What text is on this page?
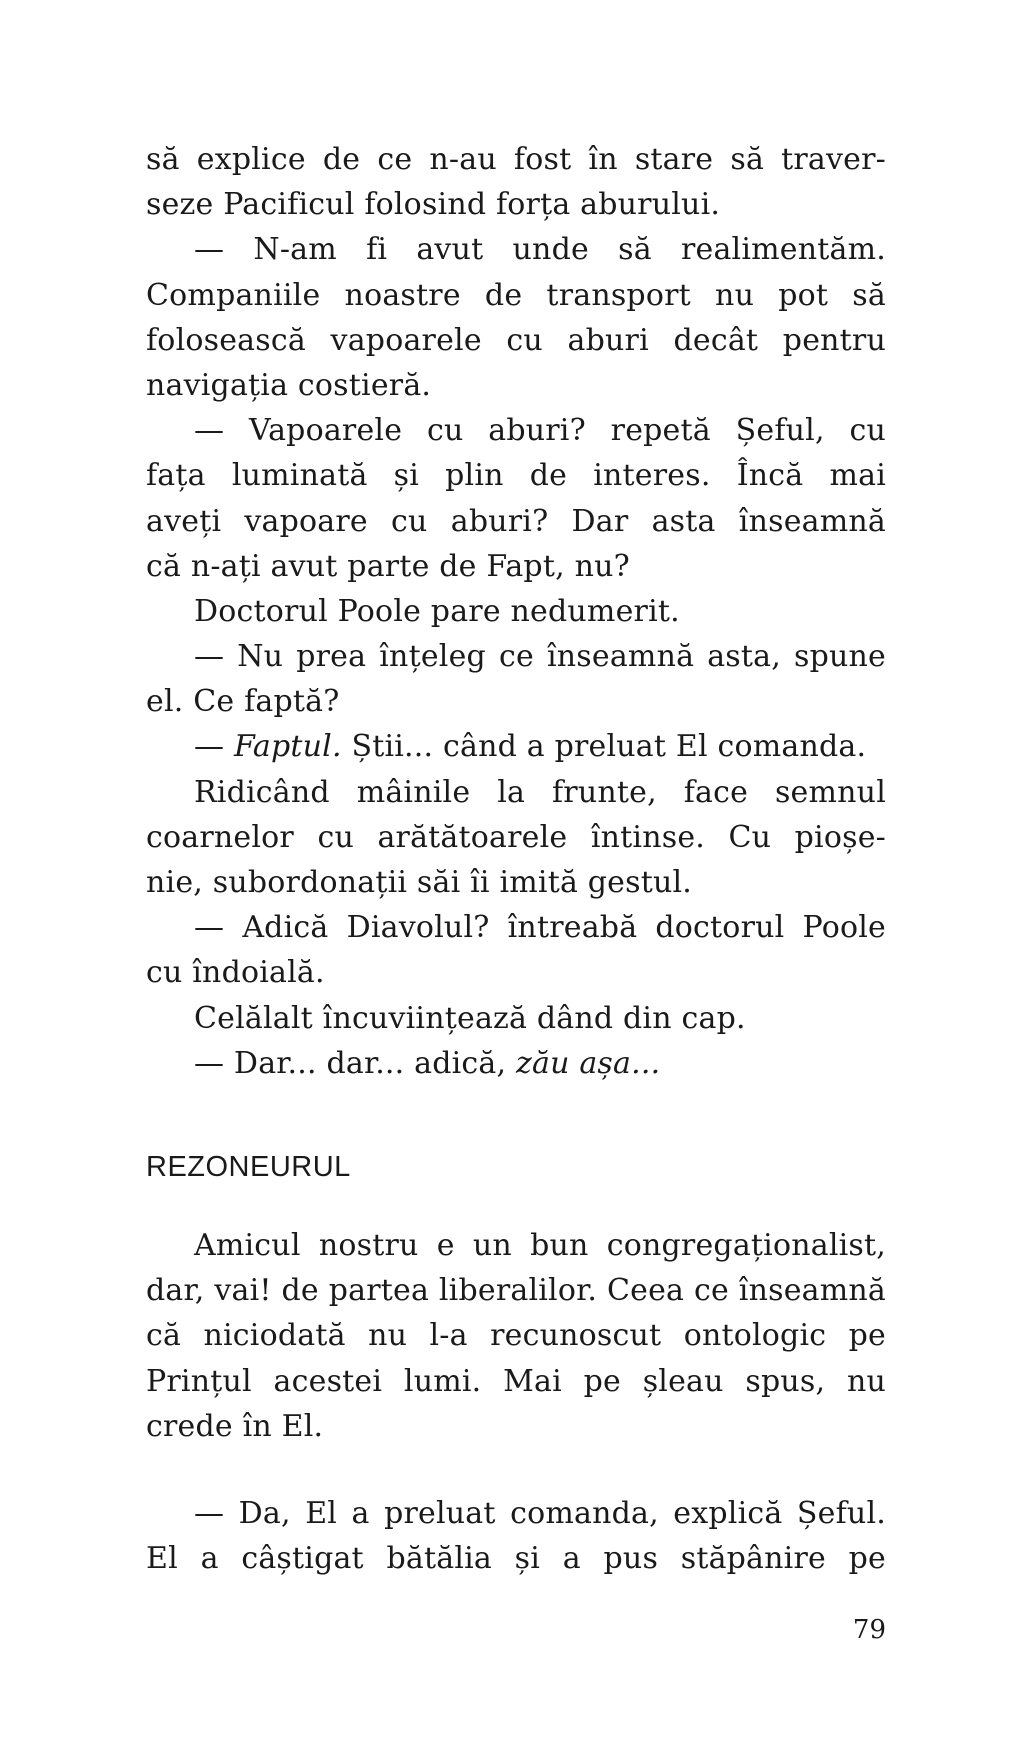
să explice de ce n-au fost în stare să traver-
seze Pacificul folosind forța aburului.
— N-am fi avut unde să realimentăm.
Companiile noastre de transport nu pot să
folosească vapoarele cu aburi decât pentru
navigația costieră.
— Vapoarele cu aburi? repetă Șeful, cu
fața luminată și plin de interes. Încă mai
aveți vapoare cu aburi? Dar asta înseamnă
că n-ați avut parte de Fapt, nu?
Doctorul Poole pare nedumerit.
— Nu prea înțeleg ce înseamnă asta, spune
el. Ce faptă?
— Faptul. Știi... când a preluat El comanda.
Ridicând mâinile la frunte, face semnul
coarnelor cu arătătoarele întinse. Cu pioșe-
nie, subordonații săi îi imită gestul.
— Adică Diavolul? întreabă doctorul Poole
cu îndoială.
Celălalt încuviințează dând din cap.
— Dar... dar... adică, zău așa...
REZONEURUL
Amicul nostru e un bun congregaționalist,
dar, vai! de partea liberalilor. Ceea ce înseamnă
că niciodată nu l-a recunoscut ontologic pe
Prințul acestei lumi. Mai pe șleau spus, nu
crede în El.
— Da, El a preluat comanda, explică Șeful.
El a câștigat bătălia și a pus stăpânire pe
79
